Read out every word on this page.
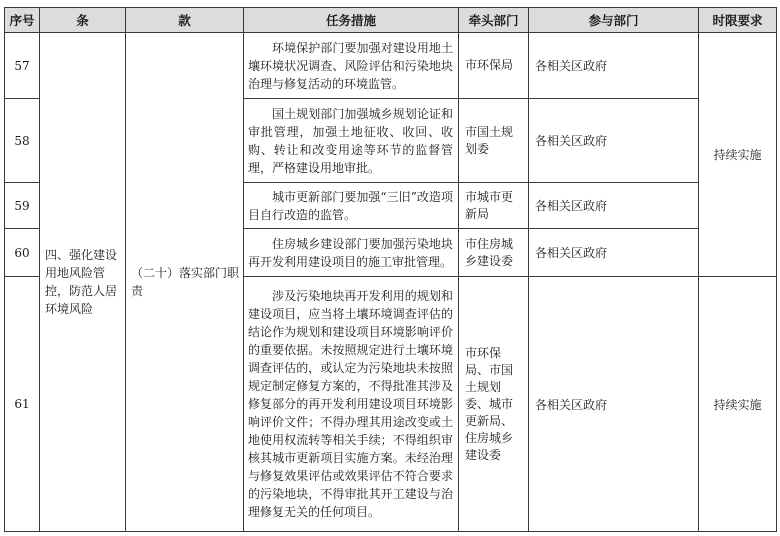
序号	条	款	任务措施	牵头部门	参与部门	时限要求
57	四、强化建设用地风险管控，防范人居环境风险	（二十）落实部门职责	环境保护部门要加强对建设用地土壤环境状况调查、风险评估和污染地块治理与修复活动的环境监管。	市环保局	各相关区政府	持续实施
58			国土规划部门加强城乡规划论证和审批管理，加强土地征收、收回、收购、转让和改变用途等环节的监督管理，严格建设用地审批。	市国土规划委	各相关区政府	
59			城市更新部门要加强“三旧”改造项目自行改造的监管。	市城市更新局	各相关区政府	
60			住房城乡建设部门要加强污染地块再开发利用建设项目的施工审批管理。	市住房城乡建设委	各相关区政府	
61			涉及污染地块再开发利用的规划和建设项目，应当将土壤环境调查评估的结论作为规划和建设项目环境影响评价的重要依据。未按照规定进行土壤环境调查评估的，或认定为污染地块未按照规定制定修复方案的，不得批准其涉及修复部分的再开发利用建设项目环境影响评价文件；不得办理其用途改变或土地使用权流转等相关手续；不得组织审核其城市更新项目实施方案。未经治理与修复效果评估或效果评估不符合要求的污染地块，不得审批其开工建设与治理修复无关的任何项目。	市环保局、市国土规划委、城市更新局、住房城乡建设委	各相关区政府	持续实施
